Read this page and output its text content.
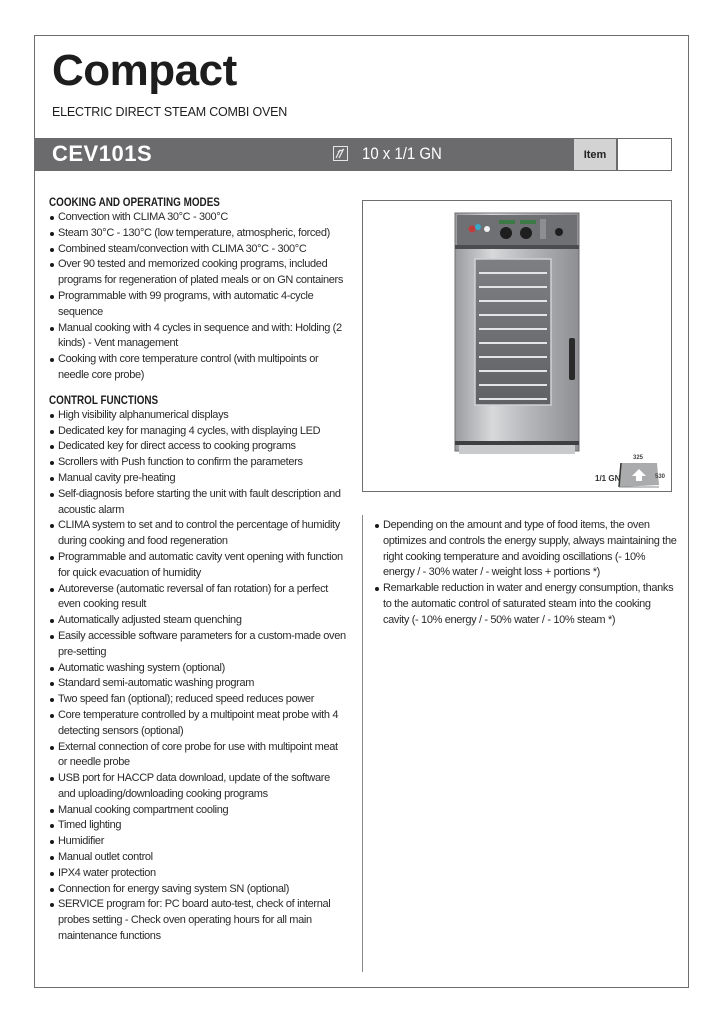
Compact
ELECTRIC DIRECT STEAM COMBI OVEN
CEV101S	10 x 1/1 GN	Item
COOKING AND OPERATING MODES
Convection with CLIMA 30°C - 300°C
Steam 30°C - 130°C (low temperature, atmospheric, forced)
Combined steam/convection with CLIMA 30°C - 300°C
Over 90 tested and memorized cooking programs, included programs for regeneration of plated meals or on GN containers
Programmable with 99 programs, with automatic 4-cycle sequence
Manual cooking with 4 cycles in sequence and with: Holding (2 kinds) - Vent management
Cooking with core temperature control (with multipoints or needle core probe)
CONTROL FUNCTIONS
High visibility alphanumerical displays
Dedicated key for managing 4 cycles, with displaying LED
Dedicated key for direct access to cooking programs
Scrollers with Push function to confirm the parameters
Manual cavity pre-heating
Self-diagnosis before starting the unit with fault description and acoustic alarm
CLIMA system to set and to control the percentage of humidity during cooking and food regeneration
Programmable and automatic cavity vent opening with function for quick evacuation of humidity
Autoreverse (automatic reversal of fan rotation) for a perfect even cooking result
Automatically adjusted steam quenching
Easily accessible software parameters for a custom-made oven pre-setting
Automatic washing system (optional)
Standard semi-automatic washing program
Two speed fan (optional); reduced speed reduces power
Core temperature controlled by a multipoint meat probe with 4 detecting sensors (optional)
External connection of core probe for use with multipoint meat or needle probe
USB port for HACCP data download, update of the software and uploading/downloading cooking programs
Manual cooking compartment cooling
Timed lighting
Humidifier
Manual outlet control
IPX4 water protection
Connection for energy saving system SN (optional)
SERVICE program for: PC board auto-test, check of internal probes setting - Check oven operating hours for all main maintenance functions
1/1 GN
325
530
Depending on the amount and type of food items, the oven optimizes and controls the energy supply, always maintaining the right cooking temperature and avoiding oscillations (- 10% energy / - 30% water / - weight loss + portions *)
Remarkable reduction in water and energy consumption, thanks to the automatic control of saturated steam into the cooking cavity (- 10% energy / - 50% water / - 10% steam *)
